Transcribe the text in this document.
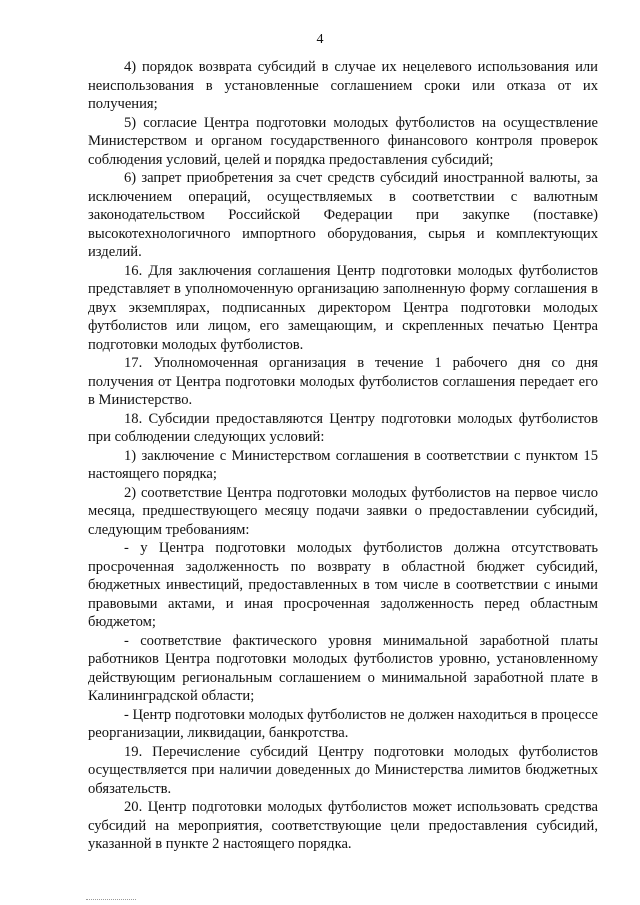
4

4) порядок возврата субсидий в случае их нецелевого использования или неиспользования в установленные соглашением сроки или отказа от их получения;

5) согласие Центра подготовки молодых футболистов на осуществление Министерством и органом государственного финансового контроля проверок соблюдения условий, целей и порядка предоставления субсидий;

6) запрет приобретения за счет средств субсидий иностранной валюты, за исключением операций, осуществляемых в соответствии с валютным законодательством Российской Федерации при закупке (поставке) высокотехнологичного импортного оборудования, сырья и комплектующих изделий.

16. Для заключения соглашения Центр подготовки молодых футболистов представляет в уполномоченную организацию заполненную форму соглашения в двух экземплярах, подписанных директором Центра подготовки молодых футболистов или лицом, его замещающим, и скрепленных печатью Центра подготовки молодых футболистов.

17. Уполномоченная организация в течение 1 рабочего дня со дня получения от Центра подготовки молодых футболистов соглашения передает его в Министерство.

18. Субсидии предоставляются Центру подготовки молодых футболистов при соблюдении следующих условий:

1) заключение с Министерством соглашения в соответствии с пунктом 15 настоящего порядка;

2) соответствие Центра подготовки молодых футболистов на первое число месяца, предшествующего месяцу подачи заявки о предоставлении субсидий, следующим требованиям:

- у Центра подготовки молодых футболистов должна отсутствовать просроченная задолженность по возврату в областной бюджет субсидий, бюджетных инвестиций, предоставленных в том числе в соответствии с иными правовыми актами, и иная просроченная задолженность перед областным бюджетом;

- соответствие фактического уровня минимальной заработной платы работников Центра подготовки молодых футболистов уровню, установленному действующим региональным соглашением о минимальной заработной плате в Калининградской области;

- Центр подготовки молодых футболистов не должен находиться в процессе реорганизации, ликвидации, банкротства.

19. Перечисление субсидий Центру подготовки молодых футболистов осуществляется при наличии доведенных до Министерства лимитов бюджетных обязательств.

20. Центр подготовки молодых футболистов может использовать средства субсидий на мероприятия, соответствующие цели предоставления субсидий, указанной в пункте 2 настоящего порядка.
